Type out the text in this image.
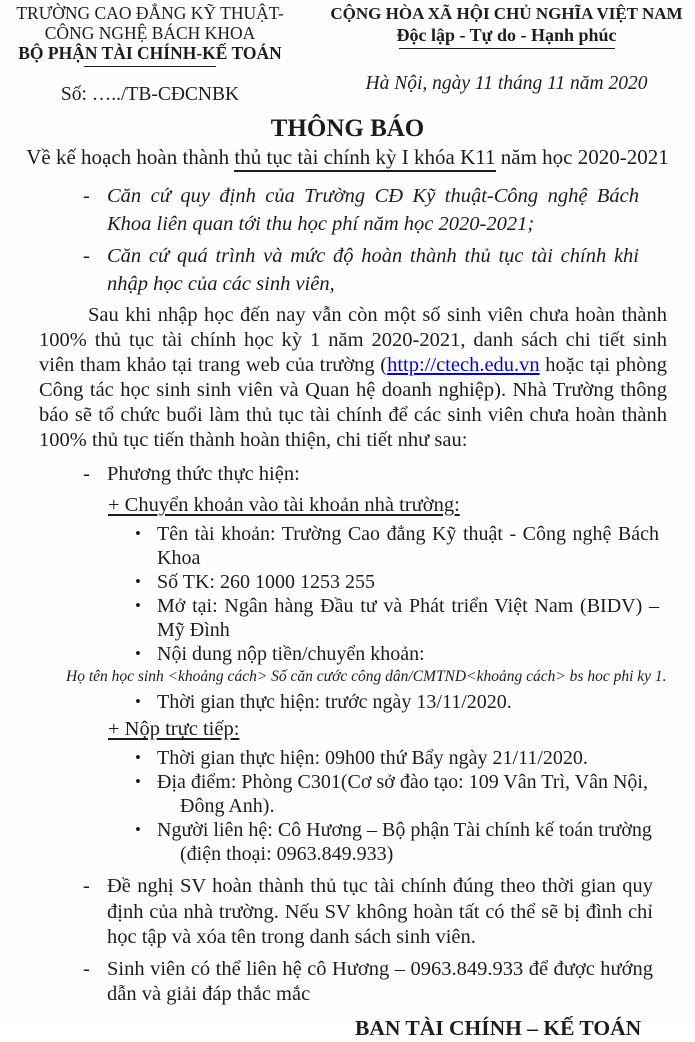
TRƯỜNG CAO ĐẲNG KỸ THUẬT-
CÔNG NGHỆ BÁCH KHOA
BỘ PHẬN TÀI CHÍNH-KẾ TOÁN
Số: …../TB-CĐCNBK
CỘNG HÒA XÃ HỘI CHỦ NGHĨA VIỆT NAM
Độc lập - Tự do - Hạnh phúc
Hà Nội, ngày 11 tháng 11 năm 2020
THÔNG BÁO
Về kế hoạch hoàn thành thủ tục tài chính kỳ I khóa K11 năm học 2020-2021
- Căn cứ quy định của Trường CĐ Kỹ thuật-Công nghệ Bách Khoa liên quan tới thu học phí năm học 2020-2021;
- Căn cứ quá trình và mức độ hoàn thành thủ tục tài chính khi nhập học của các sinh viên,

Sau khi nhập học đến nay vẫn còn một số sinh viên chưa hoàn thành 100% thủ tục tài chính học kỳ 1 năm 2020-2021, danh sách chi tiết sinh viên tham khảo tại trang web của trường (http://ctech.edu.vn hoặc tại phòng Công tác học sinh sinh viên và Quan hệ doanh nghiệp). Nhà Trường thông báo sẽ tổ chức buổi làm thủ tục tài chính để các sinh viên chưa hoàn thành 100% thủ tục tiến thành hoàn thiện, chi tiết như sau:

- Phương thức thực hiện:
+ Chuyển khoản vào tài khoản nhà trường:
• Tên tài khoản: Trường Cao đẳng Kỹ thuật - Công nghệ Bách Khoa
• Số TK: 260 1000 1253 255
• Mở tại: Ngân hàng Đầu tư và Phát triển Việt Nam (BIDV) – Mỹ Đình
• Nội dung nộp tiền/chuyển khoản:
Họ tên học sinh <khoảng cách> Số căn cước công dân/CMTND<khoảng cách> bs hoc phi ky 1.
• Thời gian thực hiện: trước ngày 13/11/2020.
+ Nộp trực tiếp:
• Thời gian thực hiện: 09h00 thứ Bẩy ngày 21/11/2020.
• Địa điểm: Phòng C301(Cơ sở đào tạo: 109 Vân Trì, Vân Nội, Đông Anh).
• Người liên hệ: Cô Hương – Bộ phận Tài chính kế toán trường (điện thoại: 0963.849.933)
- Đề nghị SV hoàn thành thủ tục tài chính đúng theo thời gian quy định của nhà trường. Nếu SV không hoàn tất có thể sẽ bị đình chỉ học tập và xóa tên trong danh sách sinh viên.
- Sinh viên có thể liên hệ cô Hương – 0963.849.933 để được hướng dẫn và giải đáp thắc mắc
BAN TÀI CHÍNH – KẾ TOÁN
